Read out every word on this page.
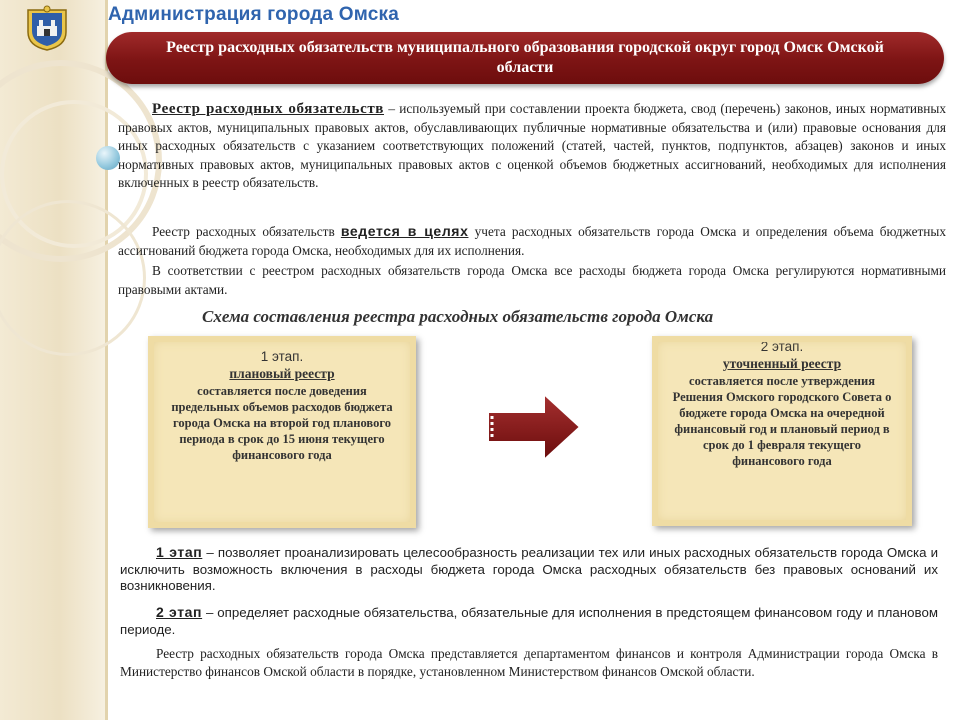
Администрация города Омска
Реестр расходных обязательств муниципального образования городской округ город Омск Омской области

Реестр расходных обязательств – используемый при составлении проекта бюджета, свод (перечень) законов, иных нормативных правовых актов, муниципальных правовых актов, обуславливающих публичные нормативные обязательства и (или) правовые основания для иных расходных обязательств с указанием соответствующих положений (статей, частей, пунктов, подпунктов, абзацев) законов и иных нормативных правовых актов, муниципальных правовых актов с оценкой объемов бюджетных ассигнований, необходимых для исполнения включенных в реестр обязательств.

Реестр расходных обязательств ведется в целях учета расходных обязательств города Омска и определения объема бюджетных ассигнований бюджета города Омска, необходимых для их исполнения.

В соответствии с реестром расходных обязательств города Омска все расходы бюджета города Омска регулируются нормативными правовыми актами.

Схема составления реестра расходных обязательств города Омска
1 этап.
плановый реестр
составляется после доведения предельных объемов расходов бюджета города Омска на второй год планового периода в срок до 15 июня текущего финансового года
2 этап.
уточненный реестр
составляется после утверждения Решения Омского городского Совета о бюджете города Омска на очередной финансовый год и плановый период в срок до 1 февраля текущего финансового года

1 этап – позволяет проанализировать целесообразность реализации тех или иных расходных обязательств города Омска и исключить возможность включения в расходы бюджета города Омска расходных обязательств без правовых оснований их возникновения.

2 этап – определяет расходные обязательства, обязательные для исполнения в предстоящем финансовом году и плановом периоде.

Реестр расходных обязательств города Омска представляется департаментом финансов и контроля Администрации города Омска в Министерство финансов Омской области в порядке, установленном Министерством финансов Омской области.
